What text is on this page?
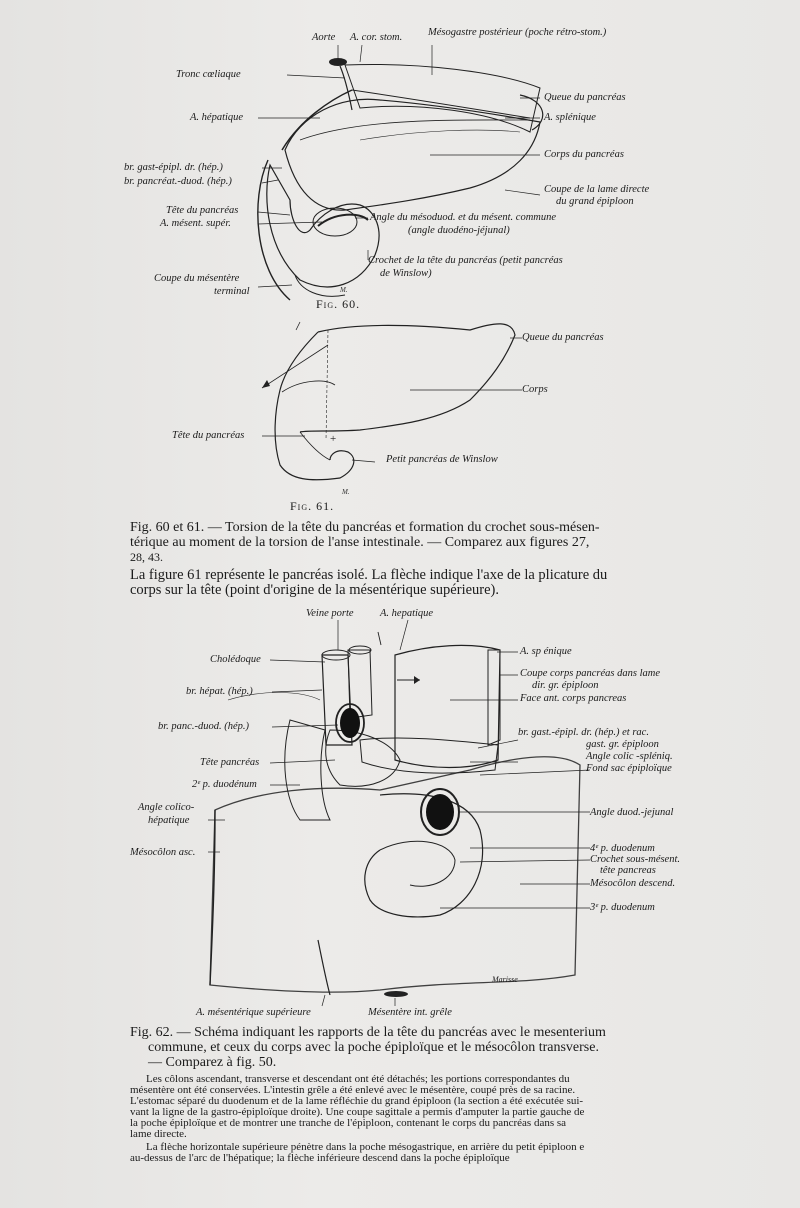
M.
+
M.
Aorte A. cor. stom. Mésogastre postérieur (poche rétro-stom.)
Tronc cœliaque
A. hépatique
Queue du pancréas
A. splénique
Corps du pancréas
br. gast-épipl. dr. (hép.)
br. pancréat.-duod. (hép.)
Coupe de la lame directe
du grand épiploon
Tête du pancréas
A. mésent. supér.
Angle du mésoduod. et du mésent. commune
(angle duodéno-jéjunal)
Crochet de la tête du pancréas (petit pancréas
de Winslow)
Coupe du mésentère
terminal
Fig. 60.
Queue du pancréas
Corps
Tête du pancréas
Petit pancréas de Winslow
Fig. 61.
Fig. 60 et 61. — Torsion de la tête du pancréas et formation du crochet sous-mésen-
térique au moment de la torsion de l'anse intestinale. — Comparez aux figures 27,
28, 43.
La figure 61 représente le pancréas isolé. La flèche indique l'axe de la plicature du
corps sur la tête (point d'origine de la mésentérique supérieure).
Veine porte	A. hepatique
Cholédoque
A. sp énique
Coupe corps pancréas dans lame
dir. gr. épiploon
Face ant. corps pancreas
br. hépat. (hép.)
br. panc.-duod. (hép.)
br. gast.-épipl. dr. (hép.) et rac.
gast. gr. épiploon
Angle colic -spléniq.
Fond sac épiploïque
Tête pancréas
2ᵉ p. duodénum
Angle colico-
hépatique
Angle duod.-jejunal
Mésocôlon asc.	4ᵉ p. duodenum
Crochet sous-mésent.
tête pancreas
Mésocôlon descend.
3ᵉ p. duodenum
Marisse
A. mésentérique supérieure	Mésentère int. grêle
Fig. 62. — Schéma indiquant les rapports de la tête du pancréas avec le mesenterium
commune, et ceux du corps avec la poche épiploïque et le mésocôlon transverse.
— Comparez à fig. 50.
Les côlons ascendant, transverse et descendant ont été détachés; les portions correspondantes du
mésentère ont été conservées. L'intestin grêle a été enlevé avec le mésentère, coupé près de sa racine.
L'estomac séparé du duodenum et de la lame réfléchie du grand épiploon (la section a été exécutée sui-
vant la ligne de la gastro-épiploïque droite). Une coupe sagittale a permis d'amputer la partie gauche de
la poche épiploïque et de montrer une tranche de l'épiploon, contenant le corps du pancréas dans sa
lame directe.
La flèche horizontale supérieure pénètre dans la poche mésogastrique, en arrière du petit épiploon e
au-dessus de l'arc de l'hépatique; la flèche inférieure descend dans la poche épiploïque
